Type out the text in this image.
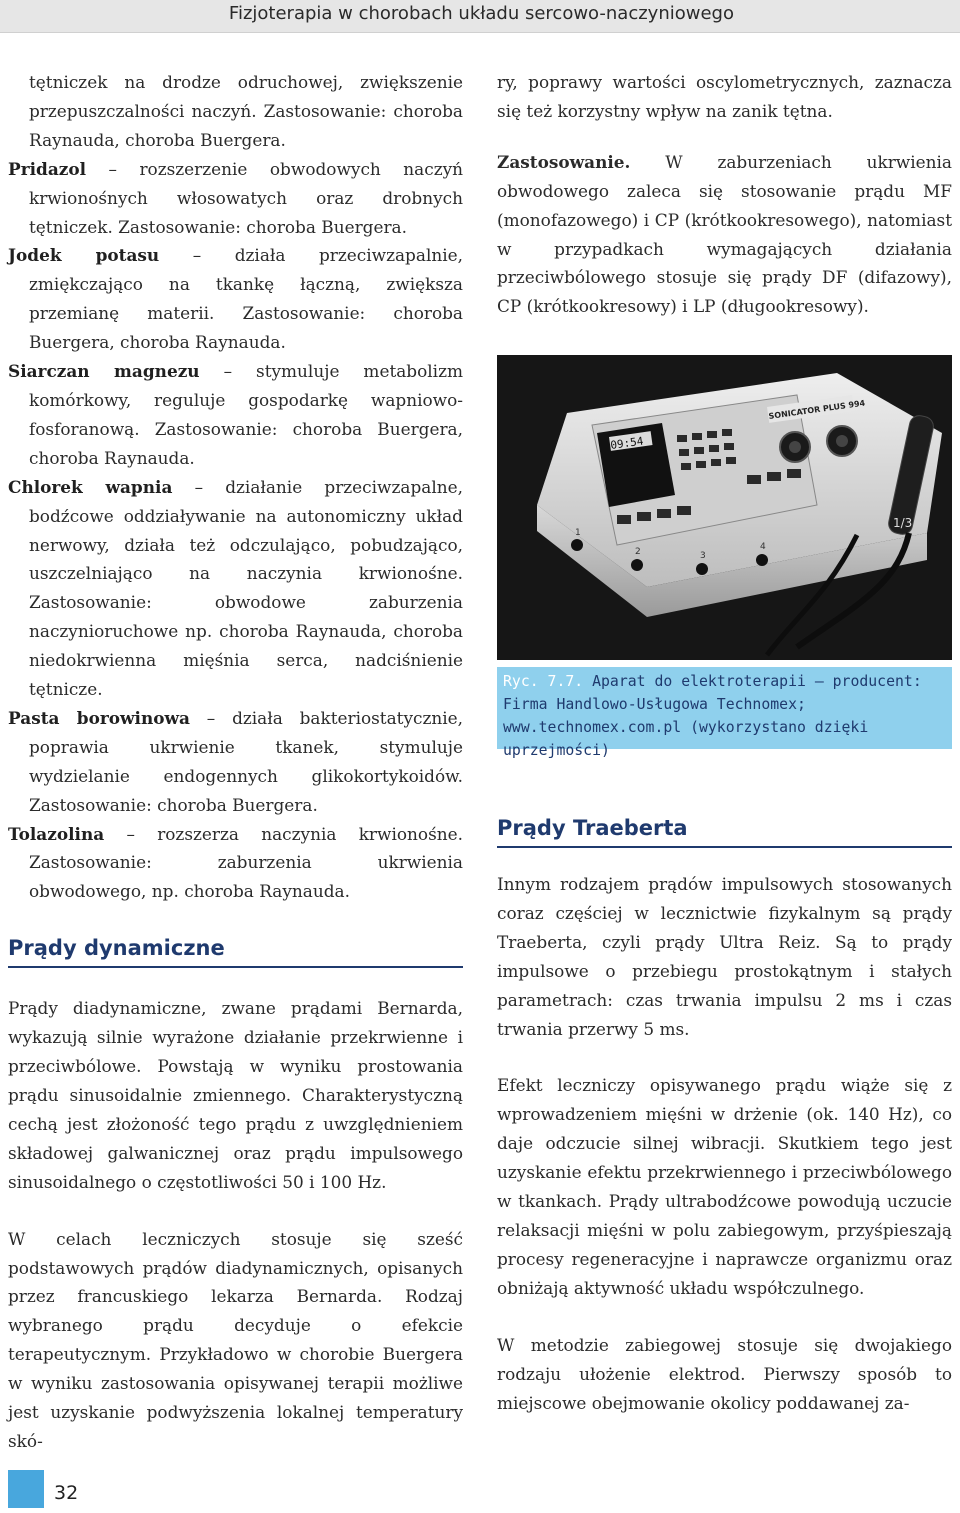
Fizjoterapia w chorobach układu sercowo-naczyniowego

tętniczek na drodze odruchowej, zwiększenie przepuszczalności naczyń. Zastosowanie: choroba Raynauda, choroba Buergera.

Pridazol – rozszerzenie obwodowych naczyń krwionośnych włosowatych oraz drobnych tętniczek. Zastosowanie: choroba Buergera.

Jodek potasu – działa przeciwzapalnie, zmiękczająco na tkankę łączną, zwiększa przemianę materii. Zastosowanie: choroba Buergera, choroba Raynauda.

Siarczan magnezu – stymuluje metabolizm komórkowy, reguluje gospodarkę wapniowo-fosforanową. Zastosowanie: choroba Buergera, choroba Raynauda.

Chlorek wapnia – działanie przeciwzapalne, bodźcowe oddziaływanie na autonomiczny układ nerwowy, działa też odczulająco, pobudzająco, uszczelniająco na naczynia krwionośne. Zastosowanie: obwodowe zaburzenia naczynioruchowe np. choroba Raynauda, choroba niedokrwienna mięśnia serca, nadciśnienie tętnicze.

Pasta borowinowa – działa bakteriostatycznie, poprawia ukrwienie tkanek, stymuluje wydzielanie endogennych glikokortykoidów. Zastosowanie: choroba Buergera.

Tolazolina – rozszerza naczynia krwionośne. Zastosowanie: zaburzenia ukrwienia obwodowego, np. choroba Raynauda.

Prądy dynamiczne

Prądy diadynamiczne, zwane prądami Bernarda, wykazują silnie wyrażone działanie przekrwienne i przeciwbólowe. Powstają w wyniku prostowania prądu sinusoidalnie zmiennego. Charakterystyczną cechą jest złożoność tego prądu z uwzględnieniem składowej galwanicznej oraz prądu impulsowego sinusoidalnego o częstotliwości 50 i 100 Hz.

W celach leczniczych stosuje się sześć podstawowych prądów diadynamicznych, opisanych przez francuskiego lekarza Bernarda. Rodzaj wybranego prądu decyduje o efekcie terapeutycznym. Przykładowo w chorobie Buergera w wyniku zastosowania opisywanej terapii możliwe jest uzyskanie podwyższenia lokalnej temperatury skó-

ry, poprawy wartości oscylometrycznych, zaznacza się też korzystny wpływ na zanik tętna.

Zastosowanie. W zaburzeniach ukrwienia obwodowego zaleca się stosowanie prądu MF (monofazowego) i CP (krótkookresowego), natomiast w przypadkach wymagających działania przeciwbólowego stosuje się prądy DF (difazowy), CP (krótkookresowy) i LP (długookresowy).

09:54
SONICATOR PLUS 994
1/3
1
2	3
4
Ryc. 7.7. Aparat do elektroterapii – producent: Firma Handlowo-Usługowa Technomex; www.technomex.com.pl (wykorzystano dzięki uprzejmości)
Prądy Traeberta

Innym rodzajem prądów impulsowych stosowanych coraz częściej w lecznictwie fizykalnym są prądy Traeberta, czyli prądy Ultra Reiz. Są to prądy impulsowe o przebiegu prostokątnym i stałych parametrach: czas trwania impulsu 2 ms i czas trwania przerwy 5 ms.

Efekt leczniczy opisywanego prądu wiąże się z wprowadzeniem mięśni w drżenie (ok. 140 Hz), co daje odczucie silnej wibracji. Skutkiem tego jest uzyskanie efektu przekrwiennego i przeciwbólowego w tkankach. Prądy ultrabodźcowe powodują uczucie relaksacji mięśni w polu zabiegowym, przyśpieszają procesy regeneracyjne i naprawcze organizmu oraz obniżają aktywność układu współczulnego.

W metodzie zabiegowej stosuje się dwojakiego rodzaju ułożenie elektrod. Pierwszy sposób to miejscowe obejmowanie okolicy poddawanej za-

32
